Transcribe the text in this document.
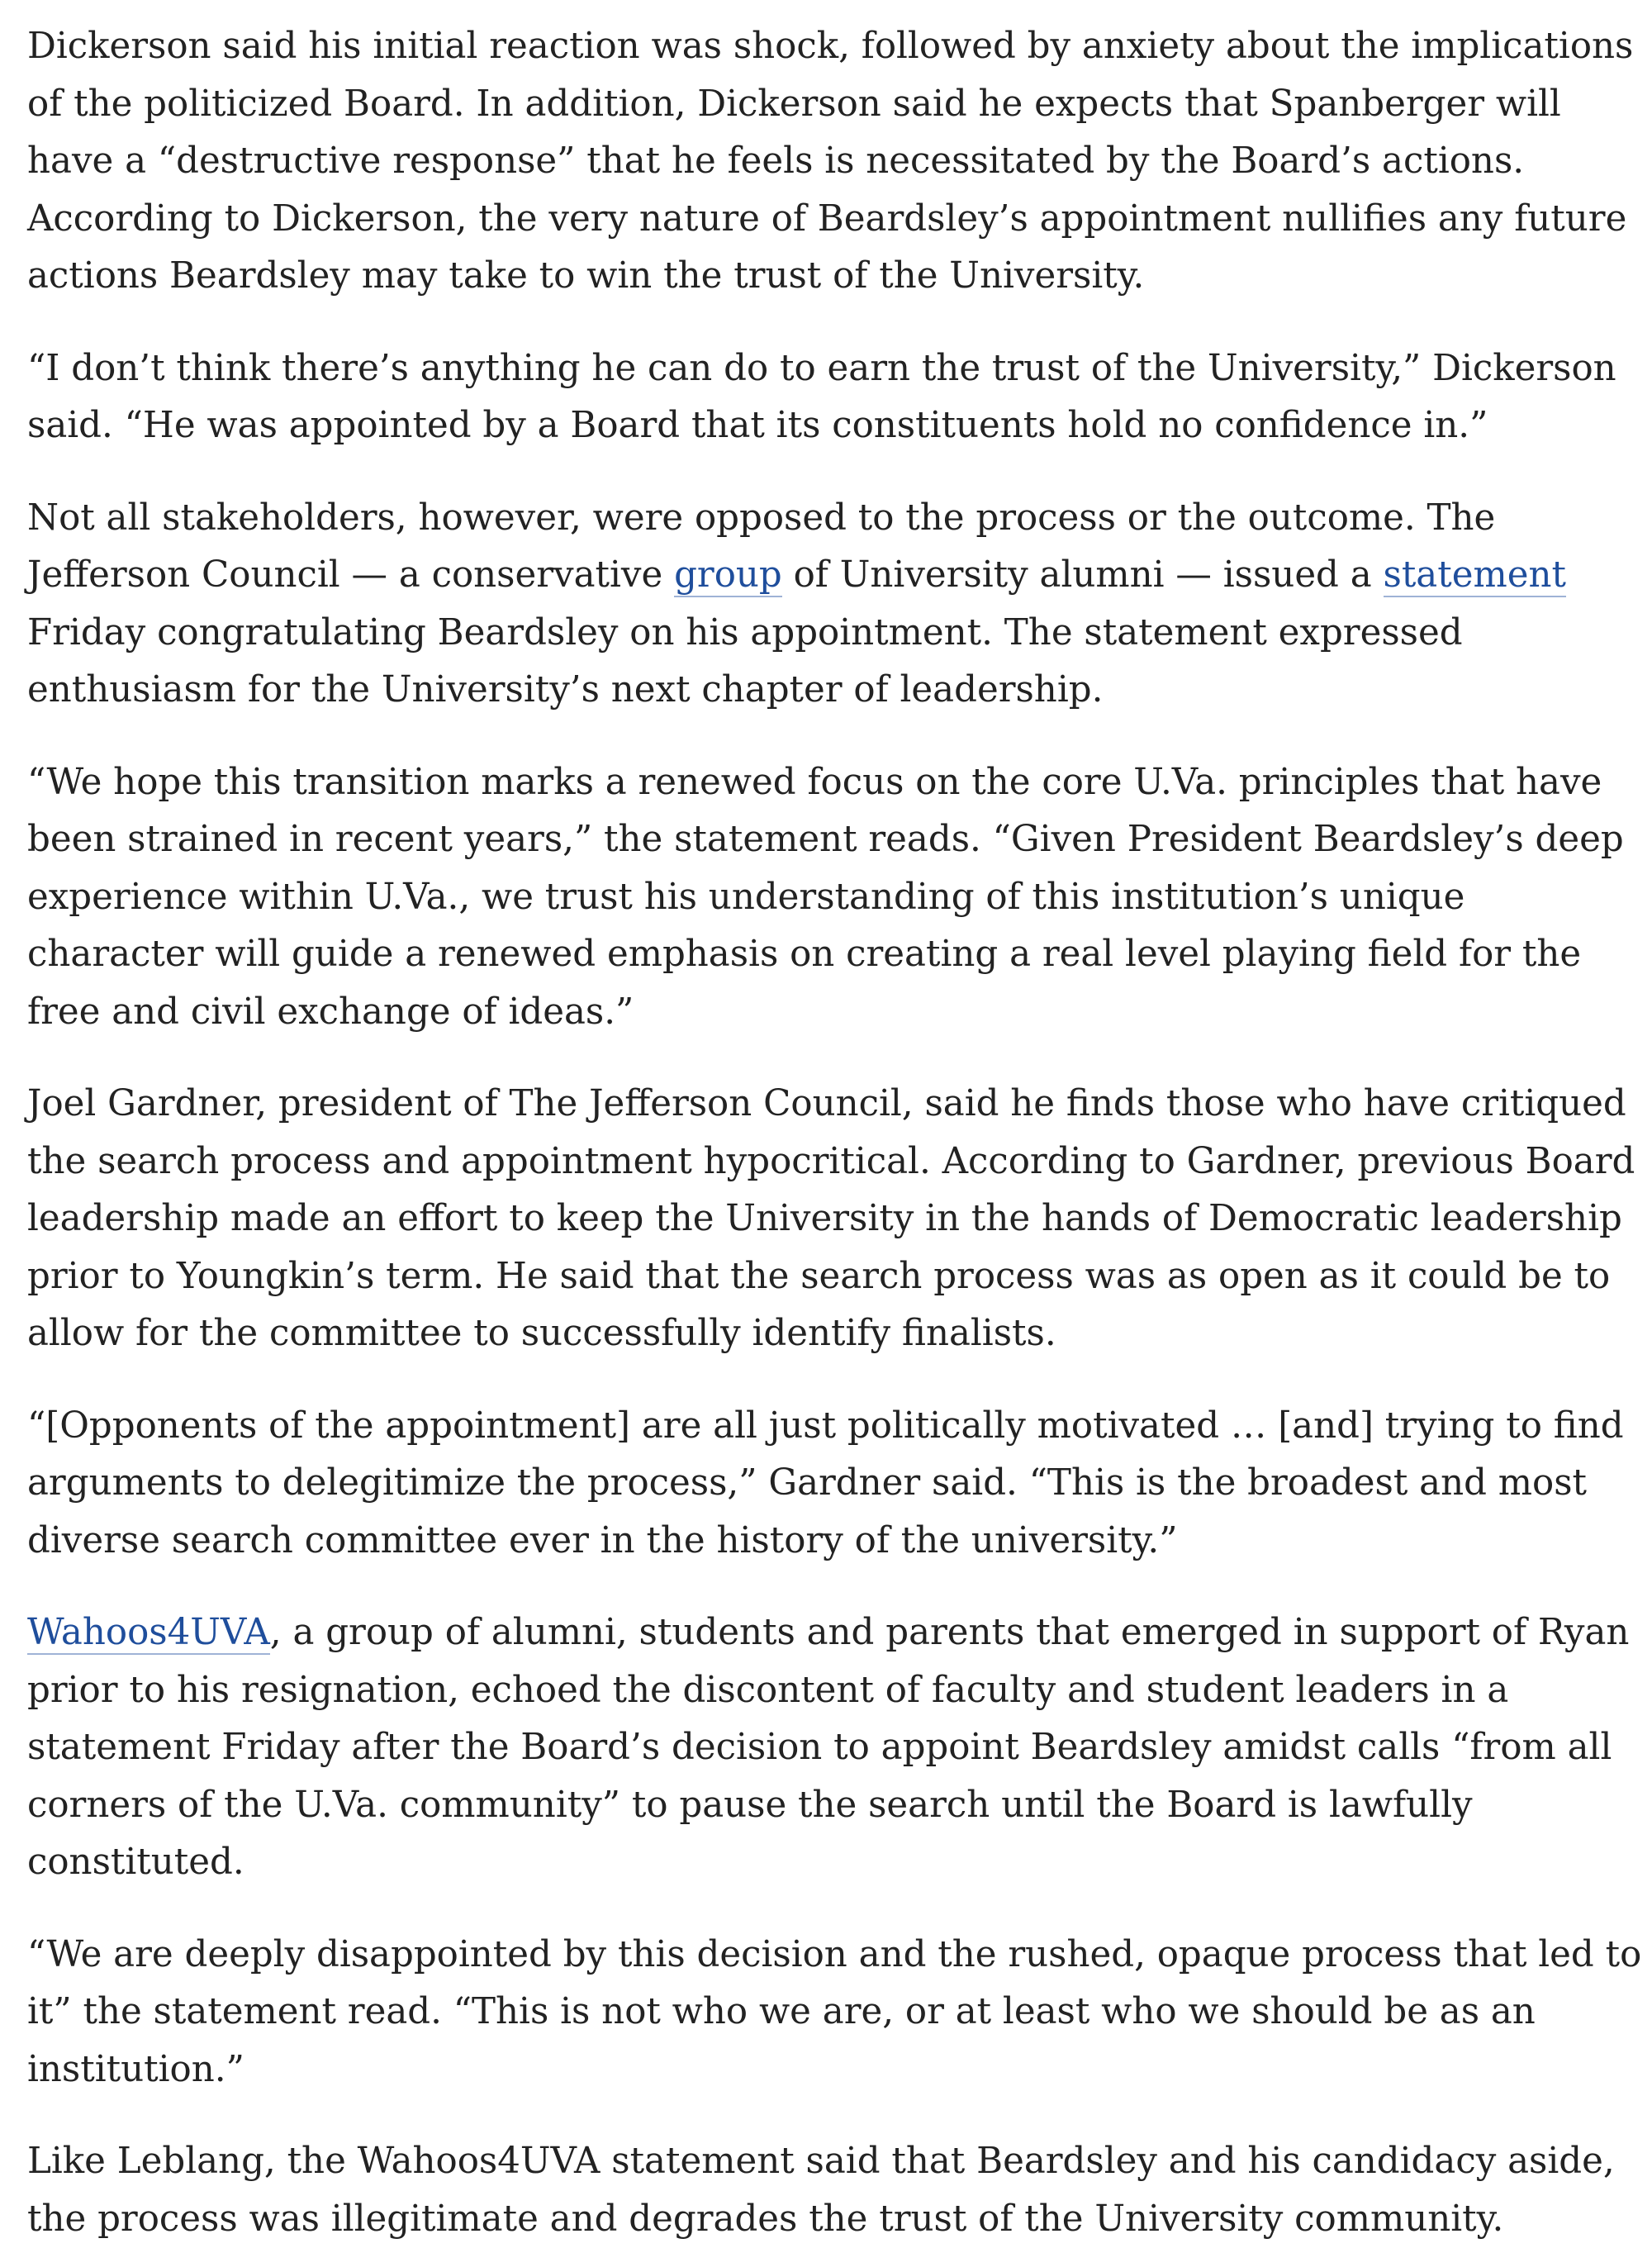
Dickerson said his initial reaction was shock, followed by anxiety about the implications of the politicized Board. In addition, Dickerson said he expects that Spanberger will have a “destructive response” that he feels is necessitated by the Board’s actions. According to Dickerson, the very nature of Beardsley’s appointment nullifies any future actions Beardsley may take to win the trust of the University.

“I don’t think there’s anything he can do to earn the trust of the University,” Dickerson said. “He was appointed by a Board that its constituents hold no confidence in.”

Not all stakeholders, however, were opposed to the process or the outcome. The Jefferson Council — a conservative group of University alumni — issued a statement Friday congratulating Beardsley on his appointment. The statement expressed enthusiasm for the University’s next chapter of leadership.

“We hope this transition marks a renewed focus on the core U.Va. principles that have been strained in recent years,” the statement reads. “Given President Beardsley’s deep experience within U.Va., we trust his understanding of this institution’s unique character will guide a renewed emphasis on creating a real level playing field for the free and civil exchange of ideas.”

Joel Gardner, president of The Jefferson Council, said he finds those who have critiqued the search process and appointment hypocritical. According to Gardner, previous Board leadership made an effort to keep the University in the hands of Democratic leadership prior to Youngkin’s term. He said that the search process was as open as it could be to allow for the committee to successfully identify finalists.

“[Opponents of the appointment] are all just politically motivated … [and] trying to find arguments to delegitimize the process,” Gardner said. “This is the broadest and most diverse search committee ever in the history of the university.”

Wahoos4UVA, a group of alumni, students and parents that emerged in support of Ryan prior to his resignation, echoed the discontent of faculty and student leaders in a statement Friday after the Board’s decision to appoint Beardsley amidst calls “from all corners of the U.Va. community” to pause the search until the Board is lawfully constituted.

“We are deeply disappointed by this decision and the rushed, opaque process that led to it” the statement read. “This is not who we are, or at least who we should be as an institution.”

Like Leblang, the Wahoos4UVA statement said that Beardsley and his candidacy aside, the process was illegitimate and degrades the trust of the University community.
